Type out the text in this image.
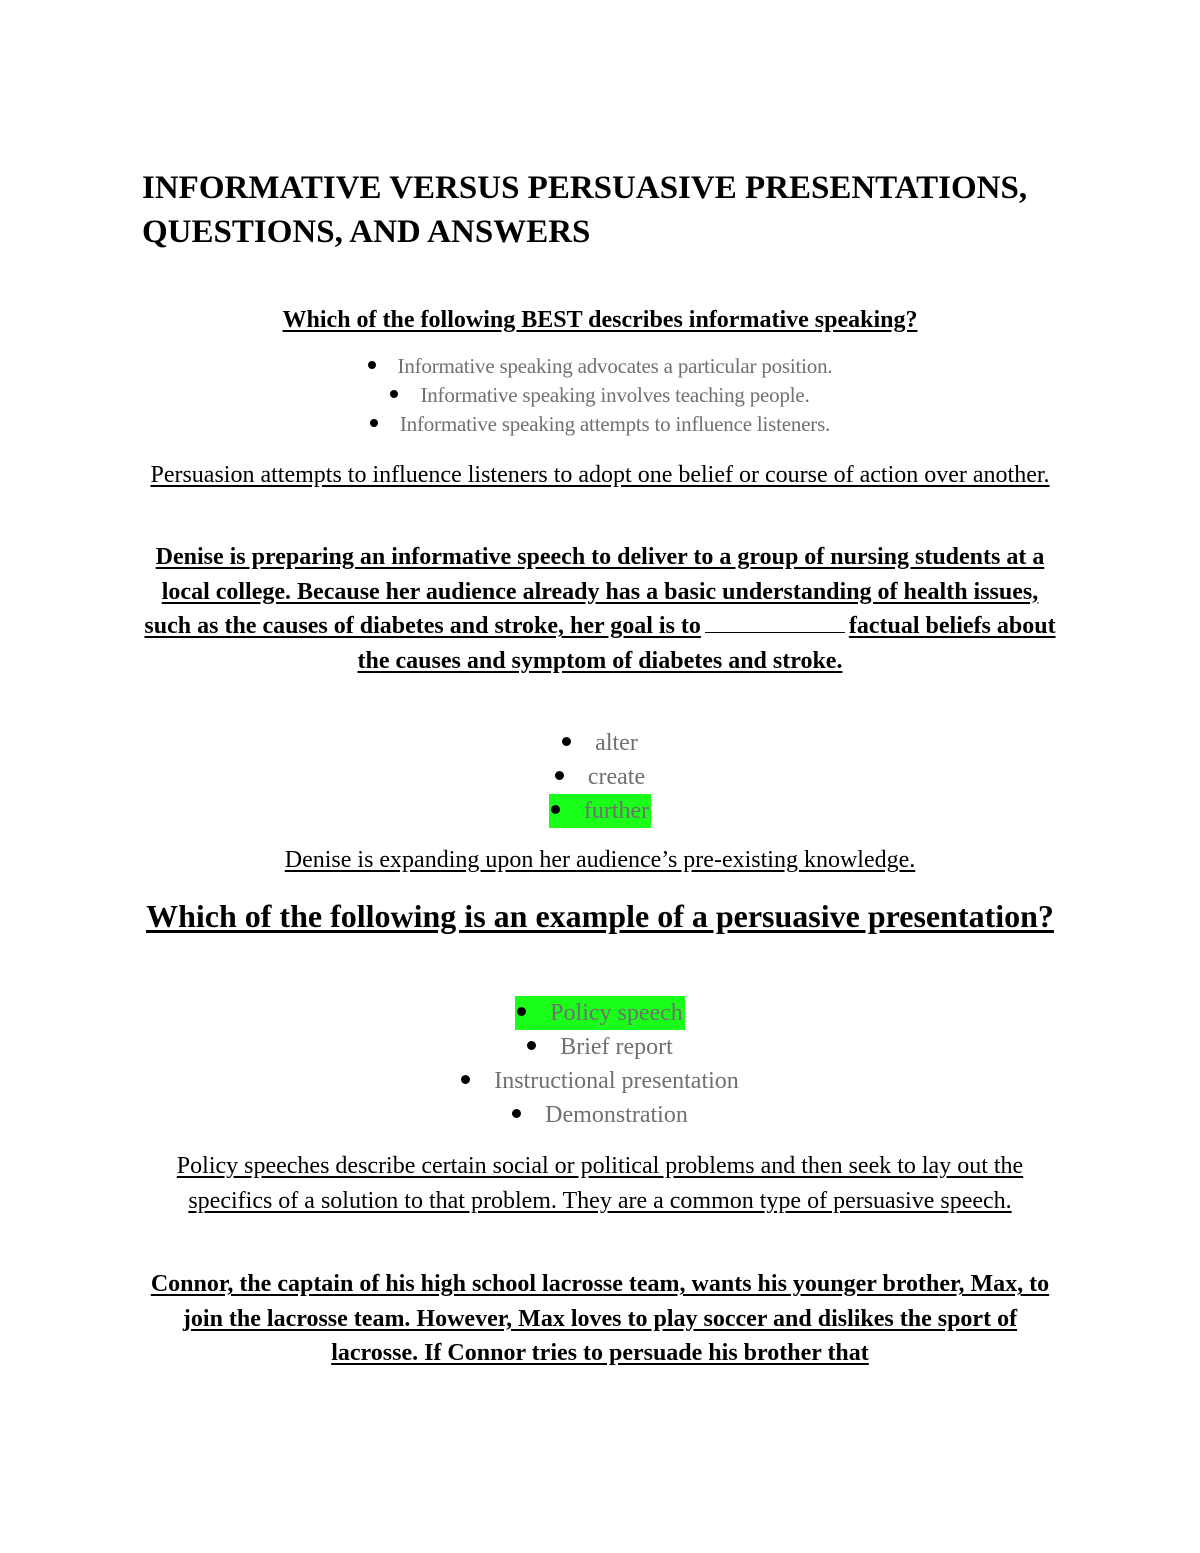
INFORMATIVE VERSUS PERSUASIVE PRESENTATIONS, QUESTIONS, AND ANSWERS

Which of the following BEST describes informative speaking?

Informative speaking advocates a particular position.
Informative speaking involves teaching people.
Informative speaking attempts to influence listeners.

Persuasion attempts to influence listeners to adopt one belief or course of action over another.

Denise is preparing an informative speech to deliver to a group of nursing students at a local college. Because her audience already has a basic understanding of health issues, such as the causes of diabetes and stroke, her goal is to	factual beliefs about the causes and symptom of diabetes and stroke.

alter
create
further

Denise is expanding upon her audience’s pre-existing knowledge.

Which of the following is an example of a persuasive presentation?

Policy speech
Brief report
Instructional presentation
Demonstration

Policy speeches describe certain social or political problems and then seek to lay out the specifics of a solution to that problem. They are a common type of persuasive speech.

Connor, the captain of his high school lacrosse team, wants his younger brother, Max, to join the lacrosse team. However, Max loves to play soccer and dislikes the sport of lacrosse. If Connor tries to persuade his brother that
